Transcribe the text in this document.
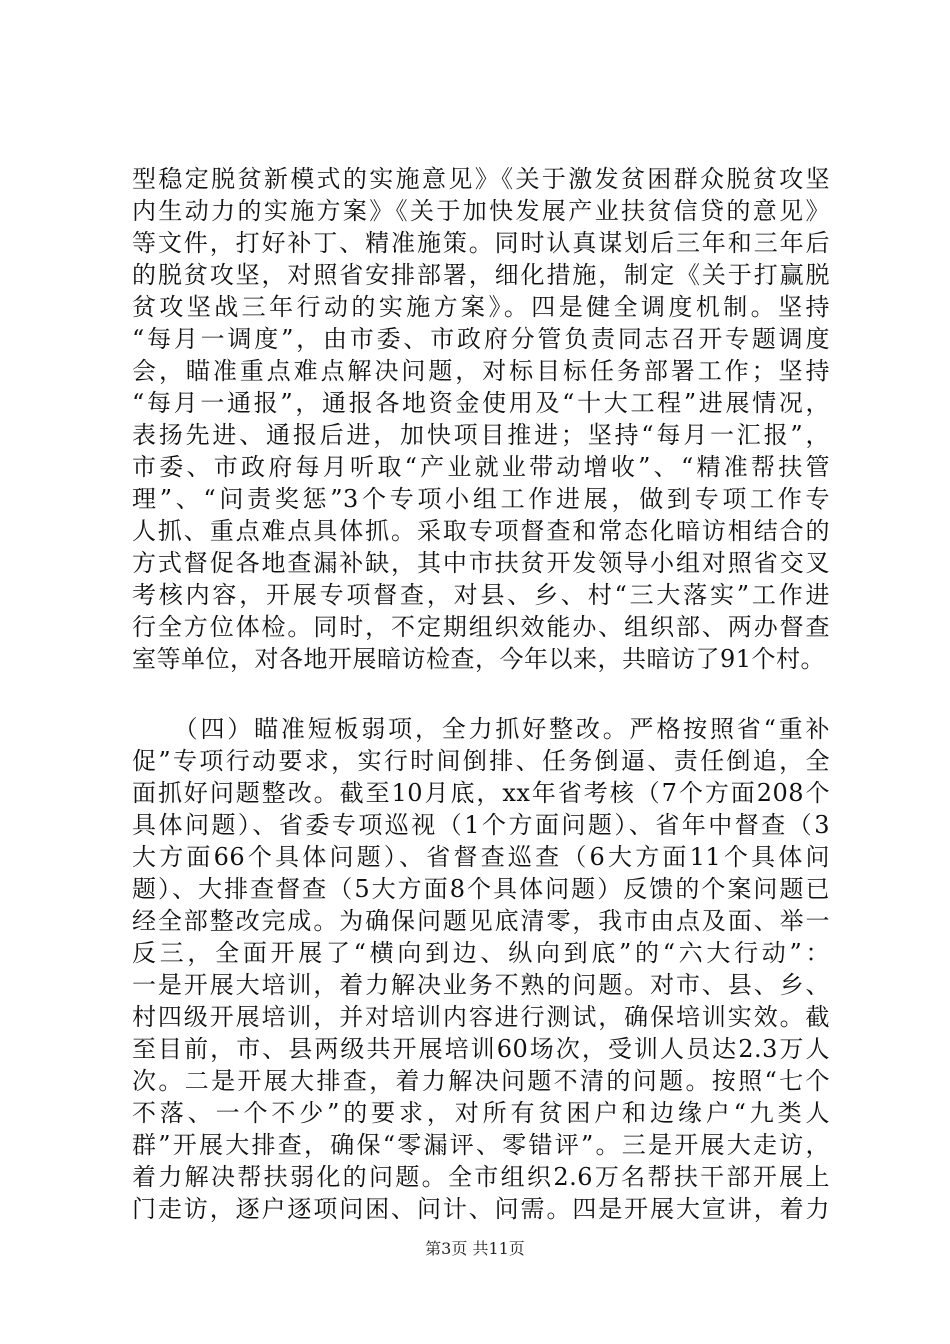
型稳定脱贫新模式的实施意见》《关于激发贫困群众脱贫攻坚
内生动力的实施方案》《关于加快发展产业扶贫信贷的意见》
等文件，打好补丁、精准施策。同时认真谋划后三年和三年后
的脱贫攻坚，对照省安排部署，细化措施，制定《关于打赢脱
贫攻坚战三年行动的实施方案》。四是健全调度机制。坚持
“每月一调度”，由市委、市政府分管负责同志召开专题调度
会，瞄准重点难点解决问题，对标目标任务部署工作；坚持
“每月一通报”，通报各地资金使用及“十大工程”进展情况，
表扬先进、通报后进，加快项目推进；坚持“每月一汇报”，
市委、市政府每月听取“产业就业带动增收”、“精准帮扶管
理”、“问责奖惩”3个专项小组工作进展，做到专项工作专
人抓、重点难点具体抓。采取专项督查和常态化暗访相结合的
方式督促各地查漏补缺，其中市扶贫开发领导小组对照省交叉
考核内容，开展专项督查，对县、乡、村“三大落实”工作进
行全方位体检。同时，不定期组织效能办、组织部、两办督查
室等单位，对各地开展暗访检查，今年以来，共暗访了91个村。
　　（四）瞄准短板弱项，全力抓好整改。严格按照省“重补
促”专项行动要求，实行时间倒排、任务倒逼、责任倒追，全
面抓好问题整改。截至10月底，xx年省考核（7个方面208个
具体问题）、省委专项巡视（1个方面问题）、省年中督查（3
大方面66个具体问题）、省督查巡查（6大方面11个具体问
题）、大排查督查（5大方面8个具体问题）反馈的个案问题已
经全部整改完成。为确保问题见底清零，我市由点及面、举一
反三，全面开展了“横向到边、纵向到底”的“六大行动”：
一是开展大培训，着力解决业务不熟的问题。对市、县、乡、
村四级开展培训，并对培训内容进行测试，确保培训实效。截
至目前，市、县两级共开展培训60场次，受训人员达2.3万人
次。二是开展大排查，着力解决问题不清的问题。按照“七个
不落、一个不少”的要求，对所有贫困户和边缘户“九类人
群”开展大排查，确保“零漏评、零错评”。三是开展大走访，
着力解决帮扶弱化的问题。全市组织2.6万名帮扶干部开展上
门走访，逐户逐项问困、问计、问需。四是开展大宣讲，着力
第3页 共11页
